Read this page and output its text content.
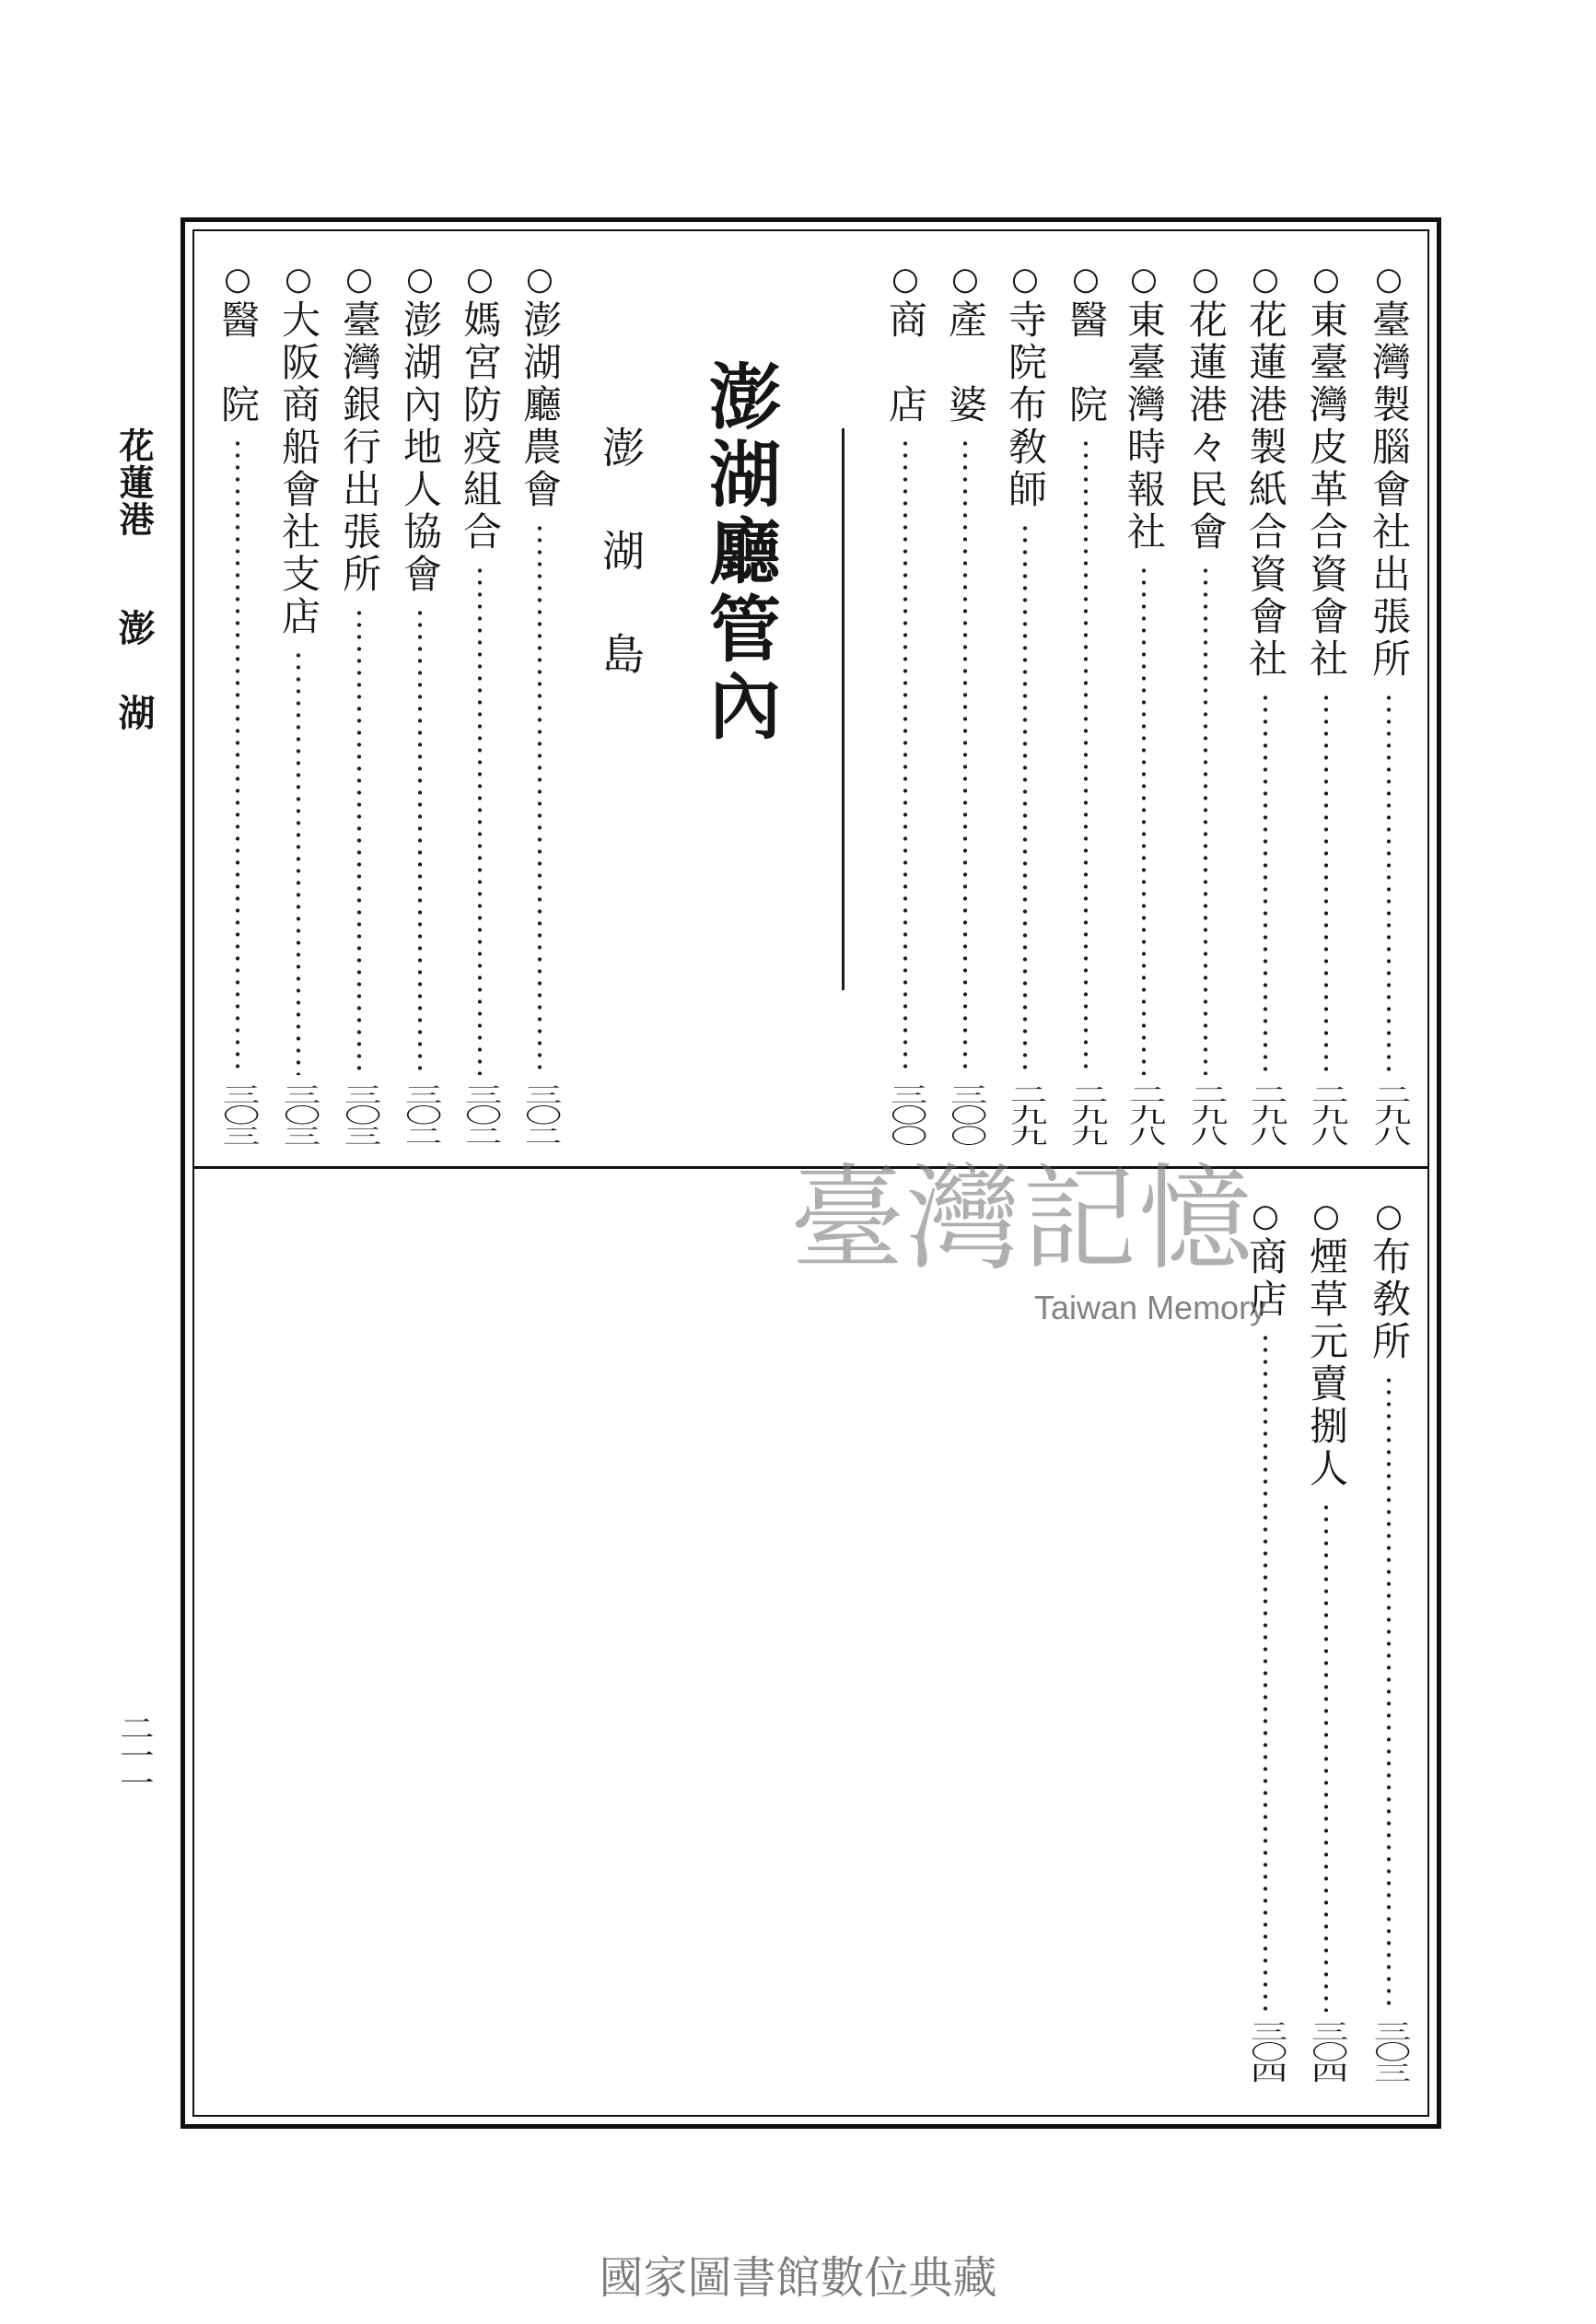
花蓮港
澎湖
二一一
○
臺灣製腦會社出張所
二九八
○
東臺灣皮革合資會社
二九八
○
花蓮港製紙合資會社
二九八
○
花蓮港々民會
二九八
○
東臺灣時報社
二九八
○
醫　院
二九九
○
寺院布敎師
二九九
○
產　婆
三〇〇
○
商　店
三〇〇
澎湖廳管內
澎湖島
○
澎湖廳農會
三〇二
○
媽宮防疫組合
三〇二
○
澎湖內地人協會
三〇二
○
臺灣銀行出張所
三〇三
○
大阪商船會社支店
三〇三
○
醫　院
三〇三
○
布敎所
三〇三
○
煙草元賣捌人
三〇四
○
商店
三〇四
臺灣記憶
Taiwan Memory
國家圖書館數位典藏
